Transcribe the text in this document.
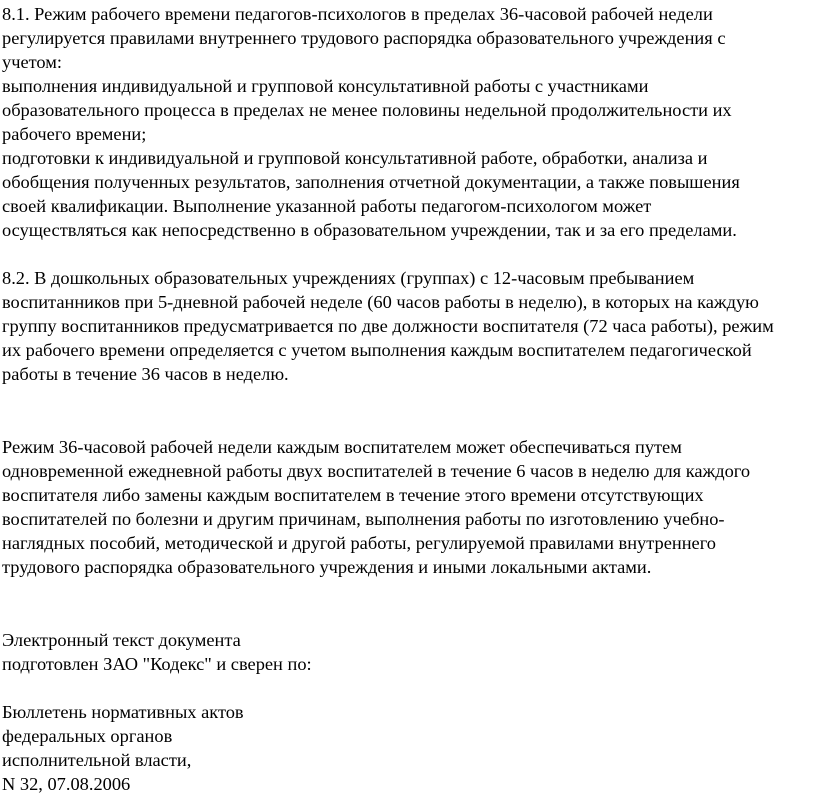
8.1. Режим рабочего времени педагогов-психологов в пределах 36-часовой рабочей недели
регулируется правилами внутреннего трудового распорядка образовательного учреждения с
учетом:
выполнения индивидуальной и групповой консультативной работы с участниками
образовательного процесса в пределах не менее половины недельной продолжительности их
рабочего времени;
подготовки к индивидуальной и групповой консультативной работе, обработки, анализа и
обобщения полученных результатов, заполнения отчетной документации, а также повышения
своей квалификации. Выполнение указанной работы педагогом-психологом может
осуществляться как непосредственно в образовательном учреждении, так и за его пределами.

8.2. В дошкольных образовательных учреждениях (группах) с 12-часовым пребыванием
воспитанников при 5-дневной рабочей неделе (60 часов работы в неделю), в которых на каждую
группу воспитанников предусматривается по две должности воспитателя (72 часа работы), режим
их рабочего времени определяется с учетом выполнения каждым воспитателем педагогической
работы в течение 36 часов в неделю.

Режим 36-часовой рабочей недели каждым воспитателем может обеспечиваться путем
одновременной ежедневной работы двух воспитателей в течение 6 часов в неделю для каждого
воспитателя либо замены каждым воспитателем в течение этого времени отсутствующих
воспитателей по болезни и другим причинам, выполнения работы по изготовлению учебно-
наглядных пособий, методической и другой работы, регулируемой правилами внутреннего
трудового распорядка образовательного учреждения и иными локальными актами.

Электронный текст документа
подготовлен ЗАО "Кодекс" и сверен по:

Бюллетень нормативных актов
федеральных органов
исполнительной власти,
N 32, 07.08.2006
